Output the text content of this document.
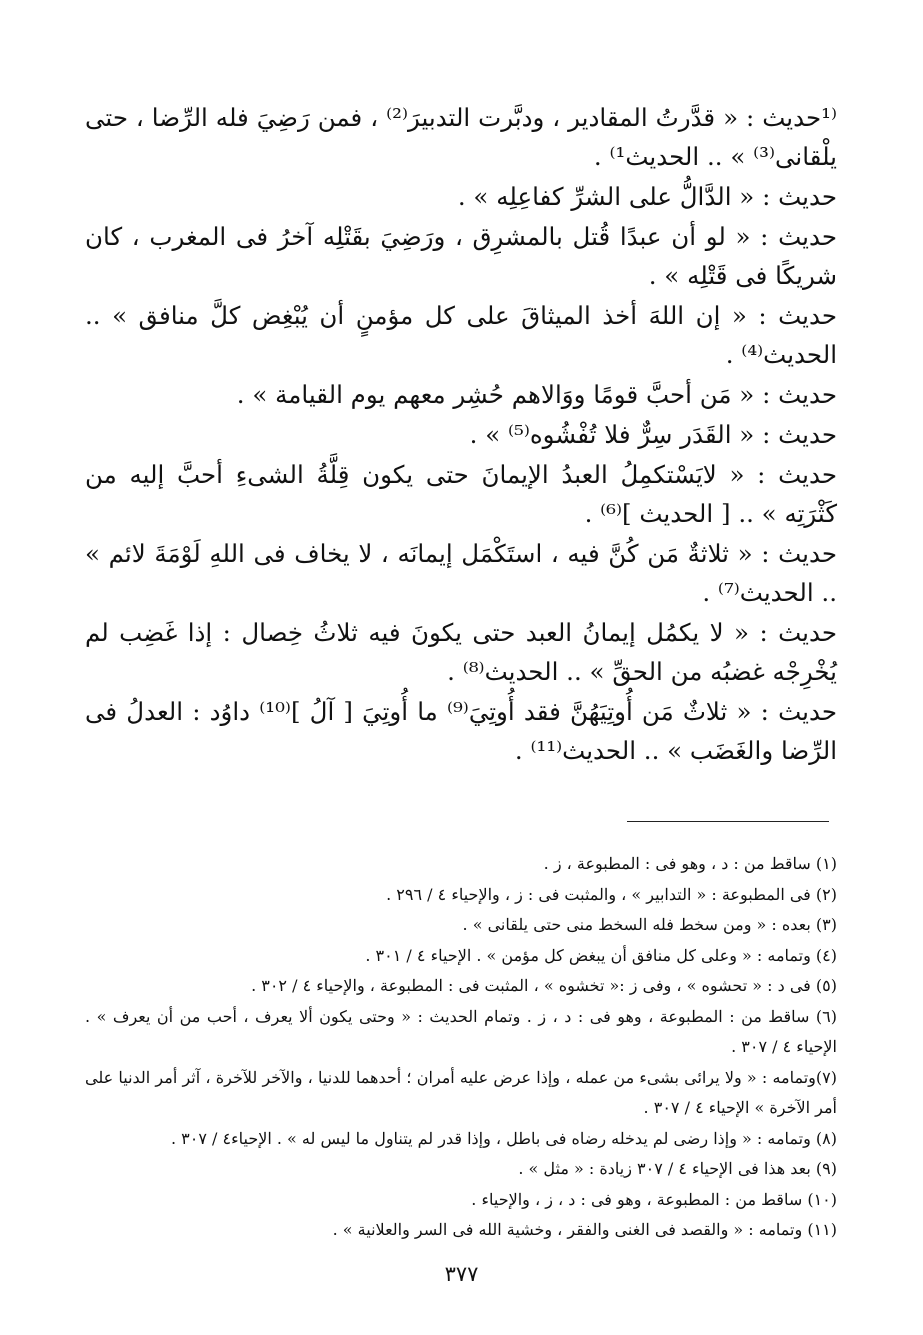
⁽¹حديث : « قدَّرتُ المقادير ، ودبَّرت التدبيرَ⁽²⁾ ، فمن رَضِيَ فله الرِّضا ، حتى يلْقانى⁽³⁾ » .. الحديث¹⁾ .

حديث : « الدَّالُّ على الشرِّ كفاعِلِه » .

حديث : « لو أن عبدًا قُتل بالمشرِق ، ورَضِيَ بقَتْلِه آخرُ فى المغرب ، كان شريكًا فى قَتْلِه » .

حديث : « إن اللهَ أخذ الميثاقَ على كل مؤمنٍ أن يُبْغِض كلَّ منافق » .. الحديث⁽⁴⁾ .

حديث : « مَن أحبَّ قومًا ووَالاهم حُشِر معهم يوم القيامة » .

حديث : « القَدَر سِرٌّ فلا تُفْشُوه⁽⁵⁾ » .

حديث : « لايَسْتكمِلُ العبدُ الإيمانَ حتى يكون قِلَّةُ الشىءِ أحبَّ إليه من كَثْرَتِه » .. [ الحديث ]⁽⁶⁾ .

حديث : « ثلاثةٌ مَن كُنَّ فيه ، استَكْمَل إيمانَه ، لا يخاف فى اللهِ لَوْمَةَ لائم » .. الحديث⁽⁷⁾ .

حديث : « لا يكمُل إيمانُ العبد حتى يكونَ فيه ثلاثُ خِصال : إذا غَضِب لم يُخْرِجْه غضبُه من الحقِّ » .. الحديث⁽⁸⁾ .

حديث : « ثلاثٌ مَن أُوتِيَهُنَّ فقد أُوتِيَ⁽⁹⁾ ما أُوتِيَ [ آلُ ]⁽¹⁰⁾ داوُد : العدلُ فى الرِّضا والغَضَب » .. الحديث⁽¹¹⁾ .

(١) ساقط من : د ، وهو فى : المطبوعة ، ز .

(٢) فى المطبوعة : « التدابير » ، والمثبت فى : ز ، والإحياء ٤ / ٢٩٦ .

(٣) بعده : « ومن سخط فله السخط منى حتى يلقانى » .

(٤) وتمامه : « وعلى كل منافق أن يبغض كل مؤمن » . الإحياء ٤ / ٣٠١ .

(٥) فى د : « تحشوه » ، وفى ز :« تخشوه » ، المثبت فى : المطبوعة ، والإحياء ٤ / ٣٠٢ .

(٦) ساقط من : المطبوعة ، وهو فى : د ، ز . وتمام الحديث : « وحتى يكون ألا يعرف ، أحب من أن يعرف » . الإحياء ٤ / ٣٠٧ .

(٧)وتمامه : « ولا يرائى بشىء من عمله ، وإذا عرض عليه أمران ؛ أحدهما للدنيا ، والآخر للآخرة ، آثر أمر الدنيا على أمر الآخرة » الإحياء ٤ / ٣٠٧ .

(٨) وتمامه : « وإذا رضى لم يدخله رضاه فى باطل ، وإذا قدر لم يتناول ما ليس له » . الإحياء٤ / ٣٠٧ .

(٩) بعد هذا فى الإحياء ٤ / ٣٠٧ زيادة : « مثل » .

(١٠) ساقط من : المطبوعة ، وهو فى : د ، ز ، والإحياء .

(١١) وتمامه : « والقصد فى الغنى والفقر ، وخشية الله فى السر والعلانية » .

٣٧٧
